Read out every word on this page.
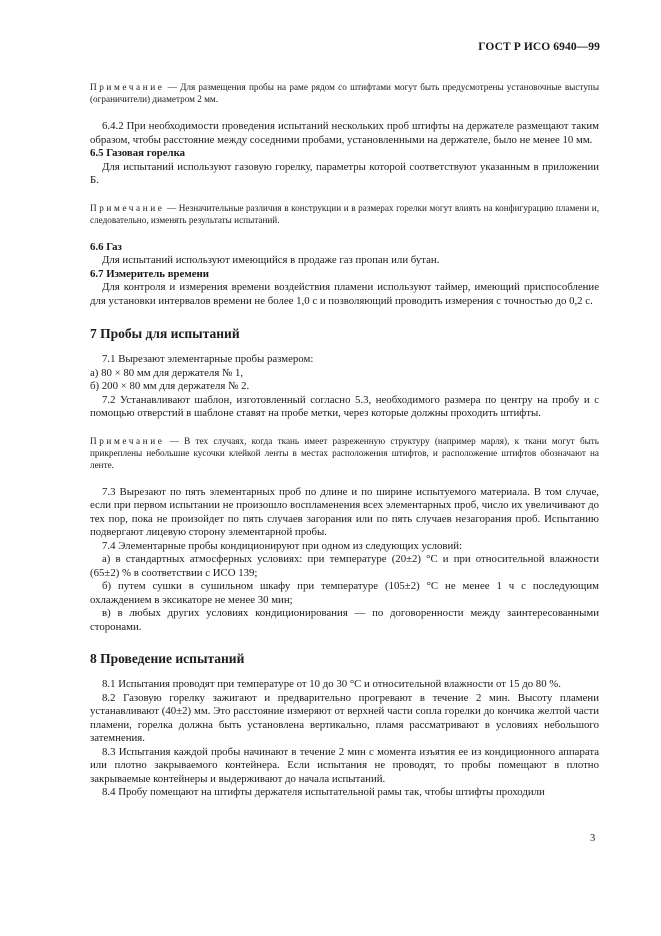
ГОСТ Р ИСО 6940—99

Примечание — Для размещения пробы на раме рядом со штифтами могут быть предусмотрены установочные выступы (ограничители) диаметром 2 мм.

6.4.2 При необходимости проведения испытаний нескольких проб штифты на держателе размещают таким образом, чтобы расстояние между соседними пробами, установленными на держателе, было не менее 10 мм.

6.5 Газовая горелка

Для испытаний используют газовую горелку, параметры которой соответствуют указанным в приложении Б.

Примечание — Незначительные различия в конструкции и в размерах горелки могут влиять на конфигурацию пламени и, следовательно, изменять результаты испытаний.

6.6 Газ

Для испытаний используют имеющийся в продаже газ пропан или бутан.

6.7 Измеритель времени

Для контроля и измерения времени воздействия пламени используют таймер, имеющий приспособление для установки интервалов времени не более 1,0 с и позволяющий проводить измерения с точностью до 0,2 с.

7 Пробы для испытаний

7.1 Вырезают элементарные пробы размером:

а) 80 × 80 мм для держателя № 1,

б) 200 × 80 мм для держателя № 2.

7.2 Устанавливают шаблон, изготовленный согласно 5.3, необходимого размера по центру на пробу и с помощью отверстий в шаблоне ставят на пробе метки, через которые должны проходить штифты.

Примечание — В тех случаях, когда ткань имеет разреженную структуру (например марля), к ткани могут быть прикреплены небольшие кусочки клейкой ленты в местах расположения штифтов, и расположение штифтов обозначают на ленте.

7.3 Вырезают по пять элементарных проб по длине и по ширине испытуемого материала. В том случае, если при первом испытании не произошло воспламенения всех элементарных проб, число их увеличивают до тех пор, пока не произойдет по пять случаев загорания или по пять случаев незагорания проб. Испытанию подвергают лицевую сторону элементарной пробы.

7.4 Элементарные пробы кондиционируют при одном из следующих условий:

а) в стандартных атмосферных условиях: при температуре (20±2) °С и при относительной влажности (65±2) % в соответствии с ИСО 139;

б) путем сушки в сушильном шкафу при температуре (105±2) °С не менее 1 ч с последующим охлаждением в эксикаторе не менее 30 мин;

в) в любых других условиях кондиционирования — по договоренности между заинтересованными сторонами.

8 Проведение испытаний

8.1 Испытания проводят при температуре от 10 до 30 °С и относительной влажности от 15 до 80 %.

8.2 Газовую горелку зажигают и предварительно прогревают в течение 2 мин. Высоту пламени устанавливают (40±2) мм. Это расстояние измеряют от верхней части сопла горелки до кончика желтой части пламени, горелка должна быть установлена вертикально, пламя рассматривают в условиях небольшого затемнения.

8.3 Испытания каждой пробы начинают в течение 2 мин с момента изъятия ее из кондиционного аппарата или плотно закрываемого контейнера. Если испытания не проводят, то пробы помещают в плотно закрываемые контейнеры и выдерживают до начала испытаний.

8.4 Пробу помещают на штифты держателя испытательной рамы так, чтобы штифты проходили

3
